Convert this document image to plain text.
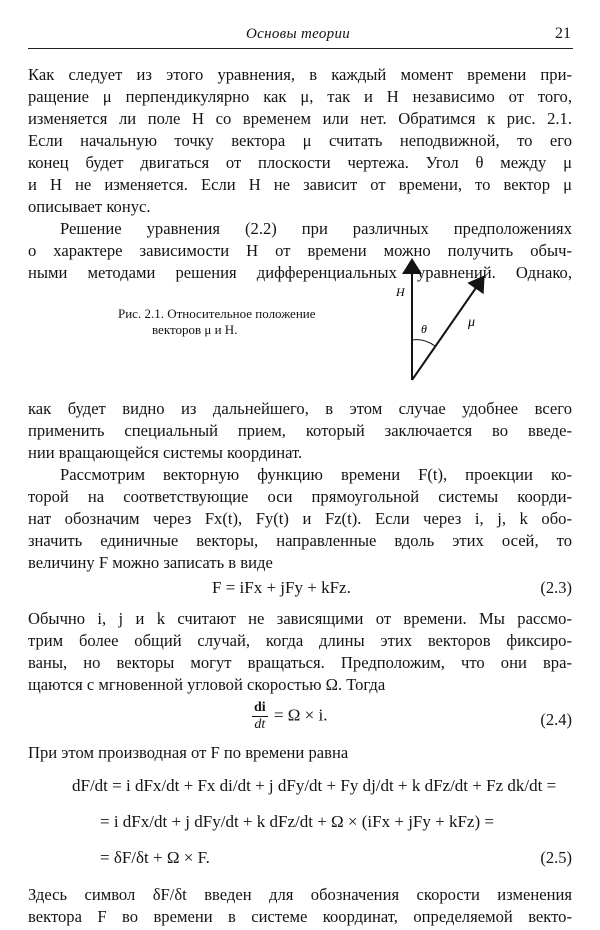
Основы теории	21
Как следует из этого уравнения, в каждый момент времени при-
ращение μ перпендикулярно как μ, так и H независимо от того,
изменяется ли поле H со временем или нет. Обратимся к рис. 2.1.
Если начальную точку вектора μ считать неподвижной, то его
конец будет двигаться от плоскости чертежа. Угол θ между μ
и H не изменяется. Если H не зависит от времени, то вектор μ
описывает конус.
Решение уравнения (2.2) при различных предположениях
о характере зависимости H от времени можно получить обыч-
ными методами решения дифференциальных уравнений. Однако,
Рис. 2.1. Относительное положение
векторов μ и H.
H
θ	μ
как будет видно из дальнейшего, в этом случае удобнее всего
применить специальный прием, который заключается во введе-
нии вращающейся системы координат.
Рассмотрим векторную функцию времени F(t), проекции ко-
торой на соответствующие оси прямоугольной системы коорди-
нат обозначим через Fx(t), Fy(t) и Fz(t). Если через i, j, k обо-
значить единичные векторы, направленные вдоль этих осей, то
величину F можно записать в виде
F = iFx + jFy + kFz.	(2.3)
Обычно i, j и k считают не зависящими от времени. Мы рассмо-
трим более общий случай, когда длины этих векторов фиксиро-
ваны, но векторы могут вращаться. Предположим, что они вра-
щаются с мгновенной угловой скоростью Ω. Тогда
$\frac{di}{dt} = \Omega \times i$.	(2.4)
При этом производная от F по времени равна
dF/dt = i dFx/dt + Fx di/dt + j dFy/dt + Fy dj/dt + k dFz/dt + Fz dk/dt =
= i dFx/dt + j dFy/dt + k dFz/dt + Ω × (iFx + jFy + kFz) =
= δF/δt + Ω × F.	(2.5)
Здесь символ δF/δt введен для обозначения скорости изменения
вектора F во времени в системе координат, определяемой векто-
